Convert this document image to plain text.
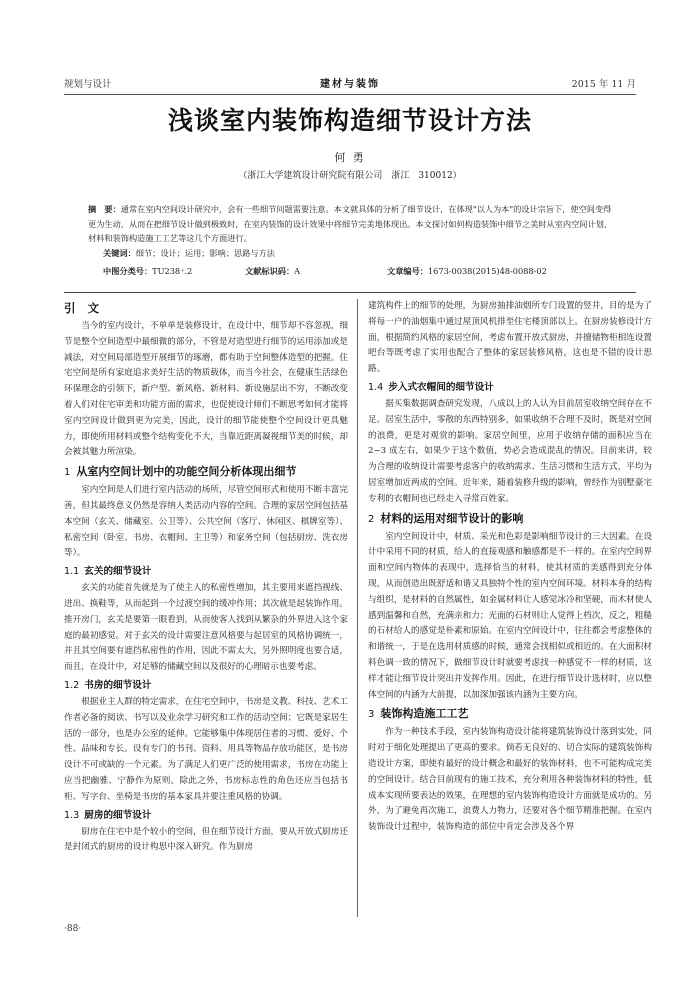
规划与设计	建材与装饰	2015 年 11 月
浅谈室内装饰构造细节设计方法
何 勇
（浙江大学建筑设计研究院有限公司　浙江　310012）
摘　要：通常在室内空间设计研究中，会有一些细节问题需要注意。本文就具体的分析了细节设计，在体现"以人为本"的设计宗旨下，使空间变得更为生动，从而在把细节设计做到极致时，在室内装饰的设计效果中将细节完美地体现出。本文探讨如何构造装饰中细节之美时从室内空间计划、材料和装饰构造施工工艺等这几个方面进行。
关键词：细节；设计；运用；影响；思路与方法
中图分类号： TU238⁺.2	文献标识码： A	文章编号： 1673-0038(2015)48-0088-02
引 文

当今的室内设计，不单单是装修设计，在设计中，细节却不容忽视，细节是整个空间造型中最细微的部分，不管是对造型进行细节的运用添加或是减法，对空间局部造型开展细节的琢磨，都有助于空间整体造型的把握。住宅空间是所有家庭追求美好生活的物质载体，而当今社会，在健康生活绿色环保理念的引领下，新户型、新风格、新材料、新设施层出不穷，不断改变着人们对住宅审美和功能方面的需求，也促使设计师们不断思考如何才能将室内空间设计做到更为完美，因此，设计的细节能使整个空间设计更具魅力，即使所用材料或整个结构变化不大，当靠近距离凝视细节美的时候，却会被其魅力所渲染。

1 从室内空间计划中的功能空间分析体现出细节

室内空间是人们进行室内活动的场所，尽管空间形式和使用不断丰富完善，但其最终意义仍然是容纳人类活动内容的空间。合理的家居空间包括基本空间（玄关、储藏室、公卫等）、公共空间（客厅、休闲区、棋牌室等）、私密空间（卧室、书房、衣帽间、主卫等）和家务空间（包括厨房、洗衣房等）。

1.1 玄关的细节设计

玄关的功能首先就是为了使主人的私密性增加，其主要用来遮挡视线、进出、换鞋等，从而起到一个过渡空间的缓冲作用；其次就是起装饰作用。推开房门，玄关是要第一眼看到，从而使客人找到从繁杂的外界进入这个家庭的最初感觉。对于玄关的设计需要注意风格要与起居室的风格协调统一，并且其空间要有遮挡私密性的作用，因此不需太大，另外照明度也要合适，而且，在设计中，对足够的储藏空间以及很好的心理暗示也要考虑。

1.2 书房的细节设计

根据业主人群的特定需求，在住宅空间中，书房是文教、科技、艺术工作者必备的阅读、书写以及业余学习研究和工作的活动空间；它既是家居生活的一部分，也是办公室的延伸。它能够集中体现居住者的习惯、爱好、个性、品味和专长。设有专门的书刊、资料、用具等物品存放功能区，是书房设计不可或缺的一个元素。为了满足人们更广泛的使用需求，书房在功能上应当把幽雅、宁静作为原则。除此之外，书房标志性的角色还应当包括书柜、写字台、坐椅是书房的基本家具并要注重风格的协调。

1.3 厨房的细节设计

厨房在住宅中是个较小的空间，但在细节设计方面，要从开放式厨房还是封闭式的厨房的设计构思中深入研究。作为厨房

建筑构件上的细节的处理，为厨房抽排油烟所专门设置的竖井，目的是为了将每一户的油烟集中通过屋顶风机排至住宅楼顶部以上。在厨房装修设计方面，根据简约风格的家居空间，考虑布置开放式厨房，并擅储物柜相连设置吧台等既考虑了实用也配合了整体的家居装修风格，这也是不错的设计思路。

1.4 步入式衣帽间的细节设计

据买集数据调查研究发现，八成以上的人认为目前居室收纳空间存在不足。居室生活中，零散的东西特别多，如果收纳不合理不及时，既是对空间的浪费，更是对观赏的影响。家居空间里，应用于收纳存储的面积应当在 2~3 成左右，如果少于这个数值，势必会造成混乱的情况。目前来讲，较为合理的收纳设计需要考虑客户的收纳需求、生活习惯和生活方式，平均为居室增加近两成的空间。近年来，随着装修升级的影响，曾经作为别墅豪宅专利的衣帽间也已经走入寻常百姓家。

2 材料的运用对细节设计的影响

室内空间设计中，材质、采光和色彩是影响细节设计的三大因素。在设计中采用不同的材质，给人的直接观感和触感都是不一样的。在室内空间界面和空间内物体的表现中，选择恰当的材料，使其材质的美感得到充分体现，从而创造出既舒适和谐又具独特个性的室内空间环境。材料本身的结构与组织，是材料的自然属性，如金属材料让人感觉冰冷和坚硬，而木材使人感到温馨和自然，充满亲和力；光面的石材则让人觉得上档次，反之，粗糙的石材给人的感觉是朴素和原始。在室内空间设计中，往往都会考虑整体的和谐统一，于是在选用材质感的时候，通常会找相似或相近的。在大面积材料色调一致的情况下，做细节设计时就要考虑找一种感觉不一样的材质，这样才能让细节设计突出并发挥作用。因此，在进行细节设计选材时，应以整体空间的内涵为大前提，以加深加强该内涵为主要方向。

3 装饰构造施工工艺

作为一种技术手段，室内装饰构造设计能将建筑装饰设计落到实处，同时对于细化处理提出了更高的要求。倘若无良好的、切合实际的建筑装饰构造设计方案，即使有最好的设计概念和最好的装饰材料，也不可能构成完美的空间设计。结合目前现有的施工技术，充分利用各种装饰材料的特性，低成本实现所要表达的效果，在理想的室内装饰构造设计方面就是成功的。另外，为了避免再次施工，浪费人力物力，还要对各个细节精准把握。在室内装饰设计过程中，装饰构造的部位中肯定会涉及各个界

·88·
